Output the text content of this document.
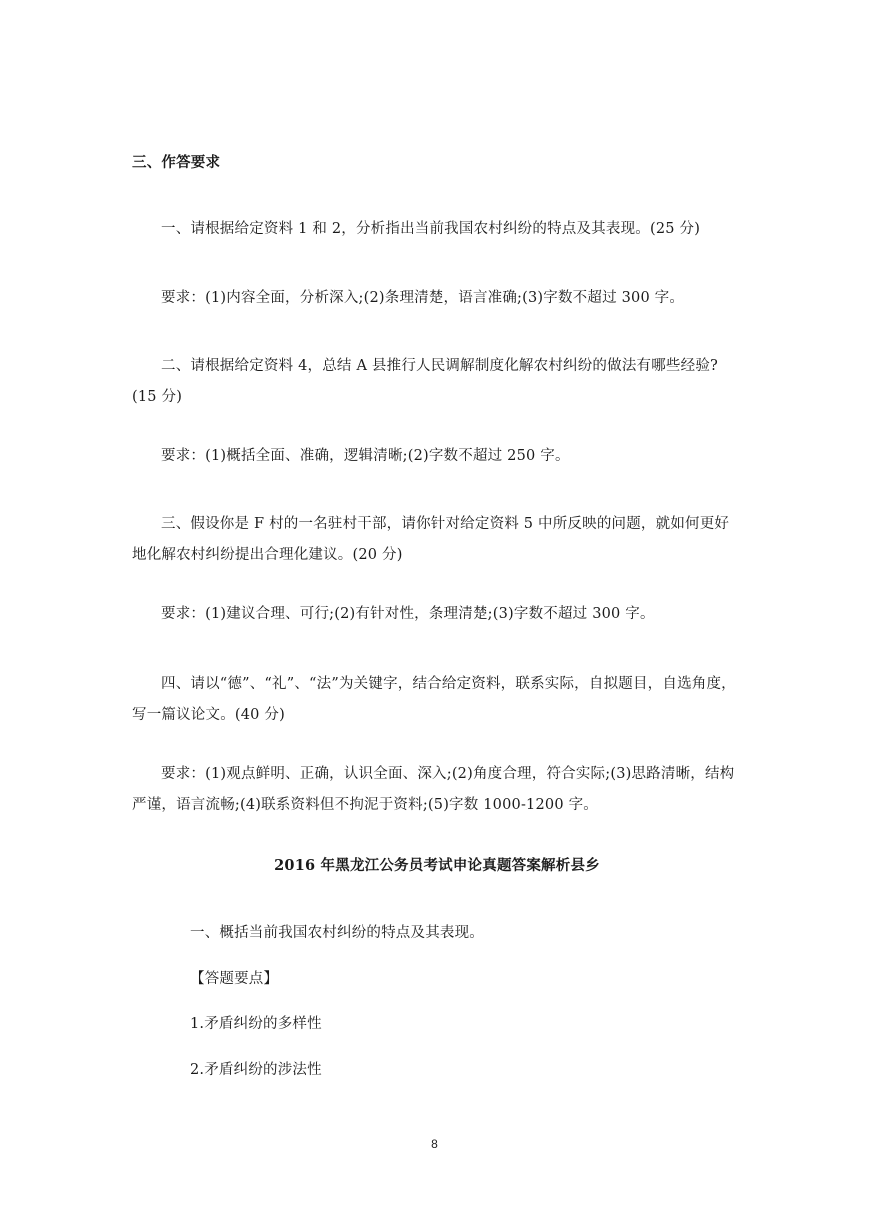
三、作答要求

一、请根据给定资料 1 和 2，分析指出当前我国农村纠纷的特点及其表现。(25 分)

要求：(1)内容全面，分析深入;(2)条理清楚，语言准确;(3)字数不超过 300 字。

二、请根据给定资料 4，总结 A 县推行人民调解制度化解农村纠纷的做法有哪些经验?(15 分)

要求：(1)概括全面、准确，逻辑清晰;(2)字数不超过 250 字。

三、假设你是 F 村的一名驻村干部，请你针对给定资料 5 中所反映的问题，就如何更好地化解农村纠纷提出合理化建议。(20 分)

要求：(1)建议合理、可行;(2)有针对性，条理清楚;(3)字数不超过 300 字。

四、请以“德”、“礼”、“法”为关键字，结合给定资料，联系实际，自拟题目，自选角度，写一篇议论文。(40 分)

要求：(1)观点鲜明、正确，认识全面、深入;(2)角度合理，符合实际;(3)思路清晰，结构严谨，语言流畅;(4)联系资料但不拘泥于资料;(5)字数 1000-1200 字。

2016 年黑龙江公务员考试申论真题答案解析县乡

一、概括当前我国农村纠纷的特点及其表现。

【答题要点】

1.矛盾纠纷的多样性

2.矛盾纠纷的涉法性

8
